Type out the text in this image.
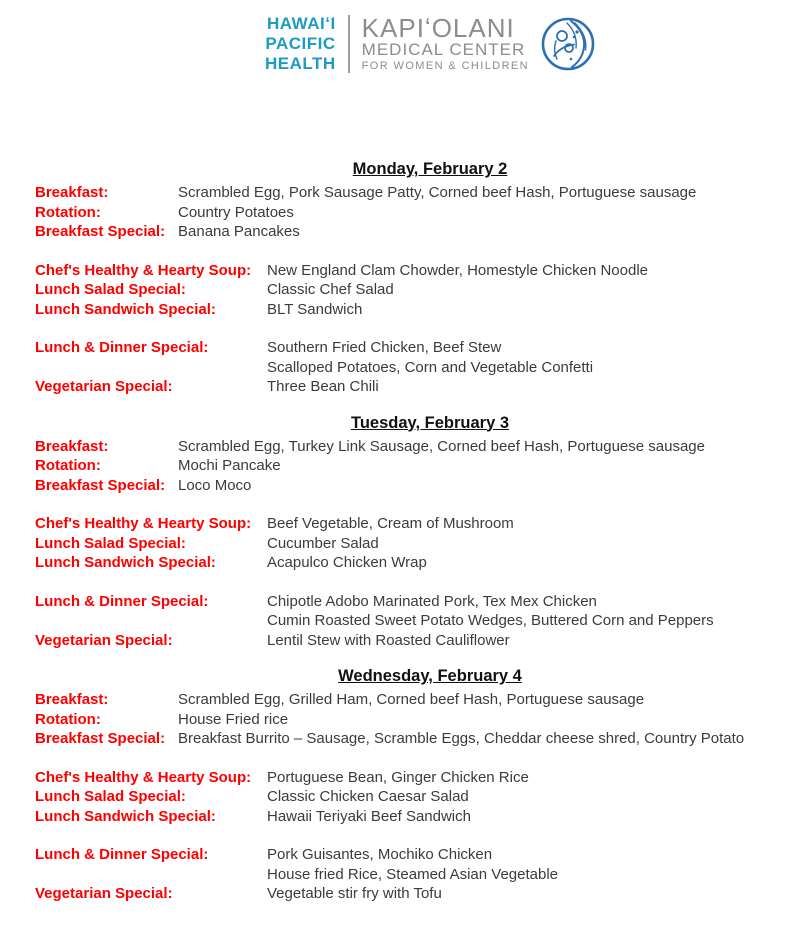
HAWAIʻI
PACIFIC
HEALTH
KAPIʻOLANI
MEDICAL CENTER
FOR WOMEN & CHILDREN
Monday, February 2
Breakfast:	Scrambled Egg, Pork Sausage Patty, Corned beef Hash, Portuguese sausage
Rotation:	Country Potatoes
Breakfast Special: Banana Pancakes
Chef's Healthy & Hearty Soup:	New England Clam Chowder, Homestyle Chicken Noodle
Lunch Salad Special:	Classic Chef Salad
Lunch Sandwich Special:	BLT Sandwich
Lunch & Dinner Special:	Southern Fried Chicken, Beef Stew
Scalloped Potatoes, Corn and Vegetable Confetti
Vegetarian Special:	Three Bean Chili
Tuesday, February 3
Breakfast:	Scrambled Egg, Turkey Link Sausage, Corned beef Hash, Portuguese sausage
Rotation:	Mochi Pancake
Breakfast Special: Loco Moco
Chef's Healthy & Hearty Soup:	Beef Vegetable, Cream of Mushroom
Lunch Salad Special:	Cucumber Salad
Lunch Sandwich Special:	Acapulco Chicken Wrap
Lunch & Dinner Special:	Chipotle Adobo Marinated Pork, Tex Mex Chicken
Cumin Roasted Sweet Potato Wedges, Buttered Corn and Peppers
Vegetarian Special:	Lentil Stew with Roasted Cauliflower
Wednesday, February 4
Breakfast:	Scrambled Egg, Grilled Ham, Corned beef Hash, Portuguese sausage
Rotation:	House Fried rice
Breakfast Special: Breakfast Burrito – Sausage, Scramble Eggs, Cheddar cheese shred, Country Potato
Chef's Healthy & Hearty Soup:	Portuguese Bean, Ginger Chicken Rice
Lunch Salad Special:	Classic Chicken Caesar Salad
Lunch Sandwich Special:	Hawaii Teriyaki Beef Sandwich
Lunch & Dinner Special:	Pork Guisantes, Mochiko Chicken
House fried Rice, Steamed Asian Vegetable
Vegetarian Special:	Vegetable stir fry with Tofu
